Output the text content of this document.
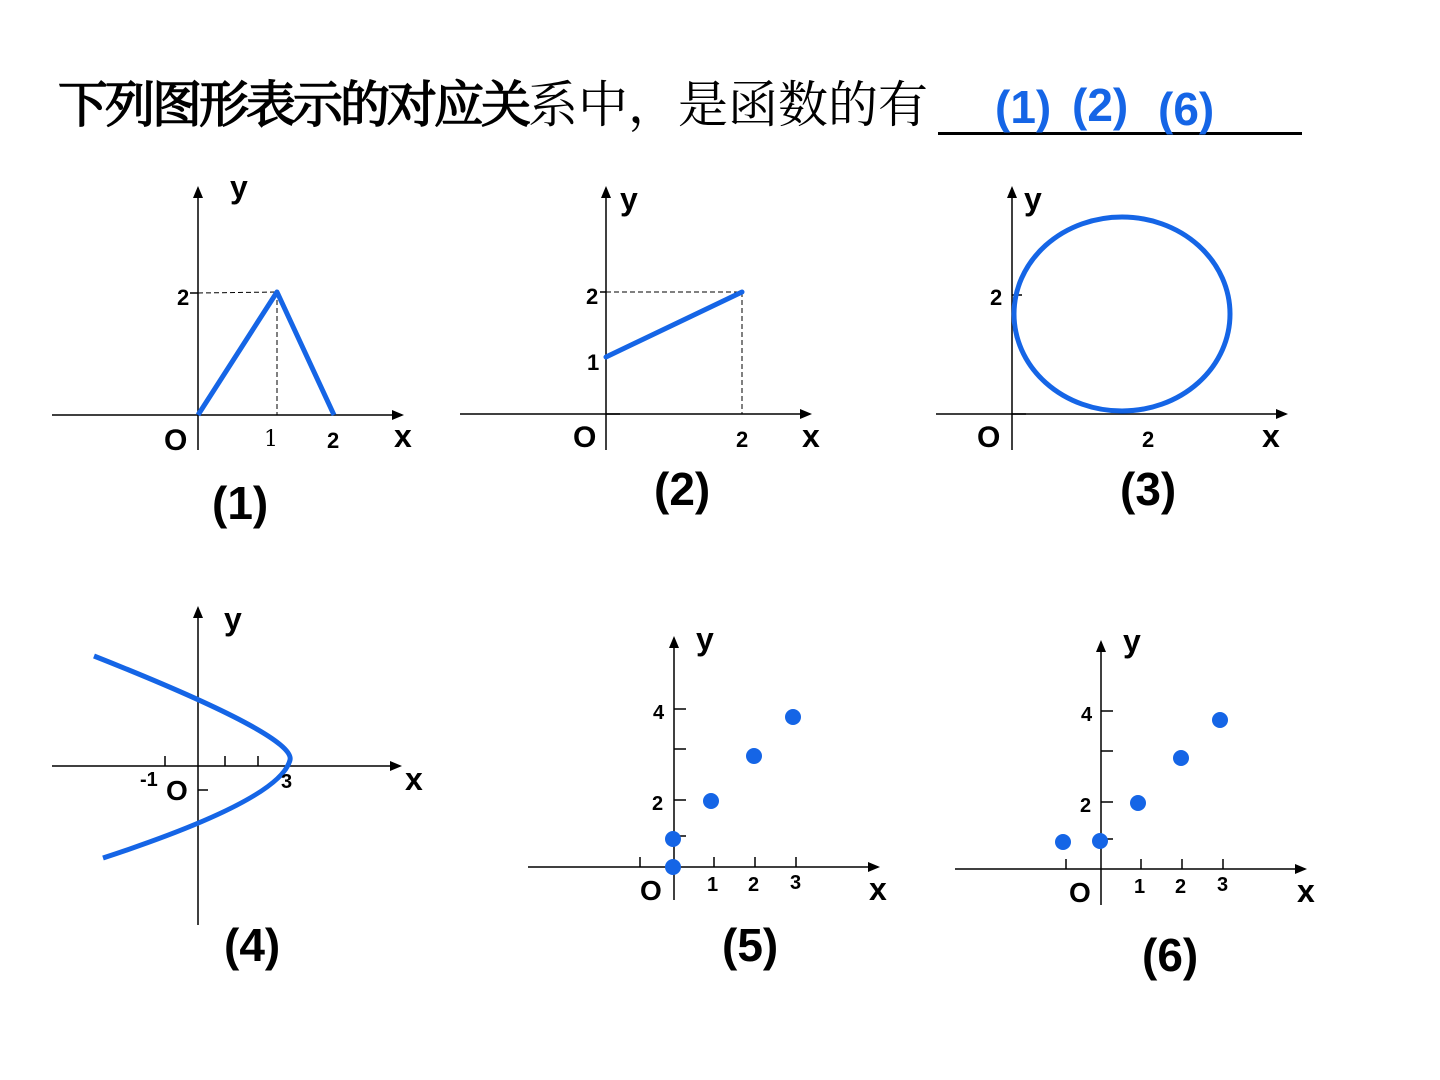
下列图形表示的对应关系中，是函数的有 (1) (2) (6)
(1)	(2)	(3)
(4)	(5)	(6)
y
x
O
2
1 2
y
x
O
1
2
2
y
x
O
2
2
y
x
O
-1	3
y
x
O
4
2
1 2 3
y
x
O
4
2
1 2 3
